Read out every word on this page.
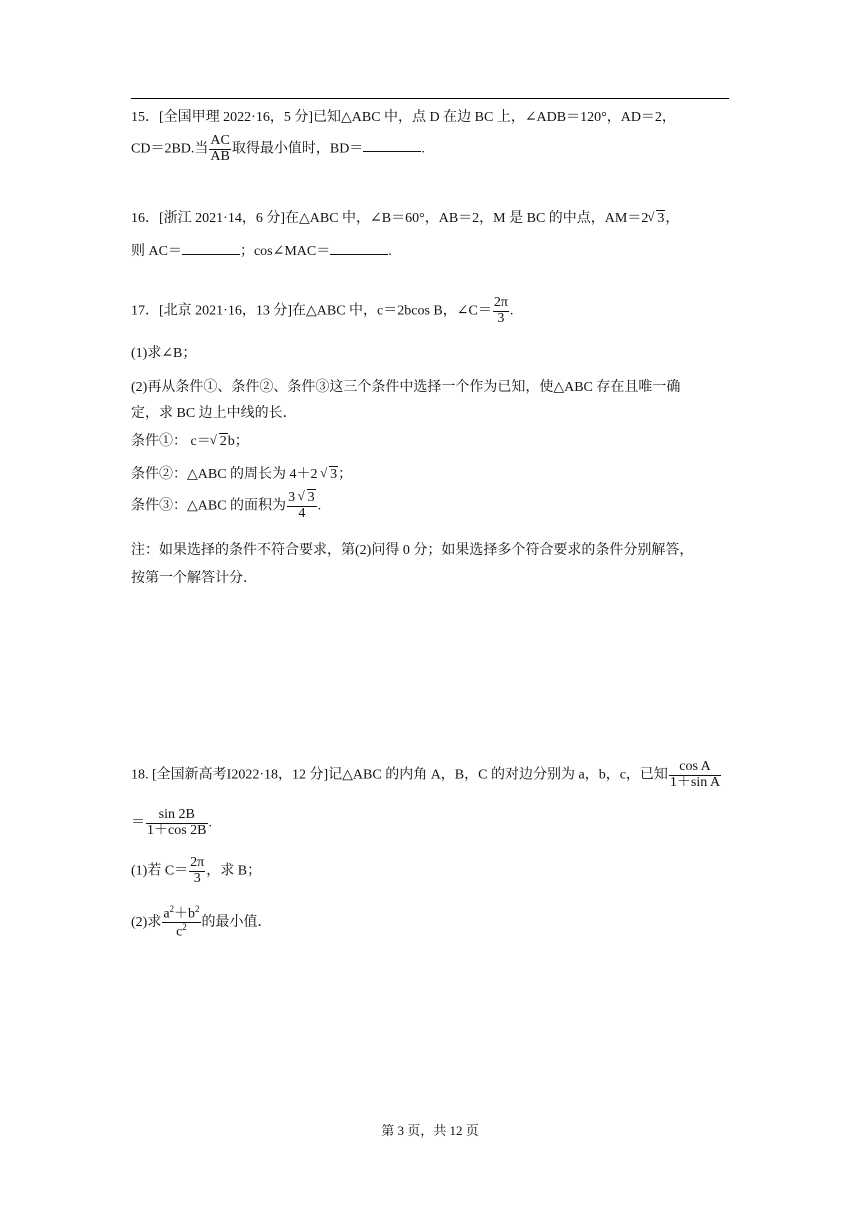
15．[全国甲理 2022·16，5 分]已知△ABC 中，点 D 在边 BC 上，∠ADB＝120°，AD＝2，
CD＝2BD.当 $\frac{AC}{AB}$ 取得最小值时，BD＝	.
16．[浙江 2021·14，6 分]在△ABC 中，∠B＝60°，AB＝2，M 是 BC 的中点，AM＝2 √ 3，
则 AC＝	；cos∠MAC＝	.
17．[北京 2021·16，13 分]在△ABC 中，c＝2bcos B，∠C＝ $\frac{2\pi}{3}$ .
(1)求∠B；
(2)再从条件①、条件②、条件③这三个条件中选择一个作为已知，使△ABC 存在且唯一确
定，求 BC 边上中线的长．
条件①： c＝ √ 2b；
条件②：△ABC 的周长为 4＋2 √ 3；
条件③：△ABC 的面积为 $\frac{3 √ 3}{4}$ .
注：如果选择的条件不符合要求，第(2)问得 0 分；如果选择多个符合要求的条件分别解答，
按第一个解答计分．
18. [全国新高考I2022·18，12 分]记△ABC 的内角 A，B，C 的对边分别为 a，b，c，已知 $\frac{\text{cos A}}{\text{1＋sin A}}$
＝ $\frac{\sin 2B}{1+\cos 2B}$ .
(1)若 $C= \frac{2\pi}{3}$ ，求 B；
(2)求 $\frac{a^2+b^2}{c^2}$ 的最小值．
第 3 页，共 12 页
